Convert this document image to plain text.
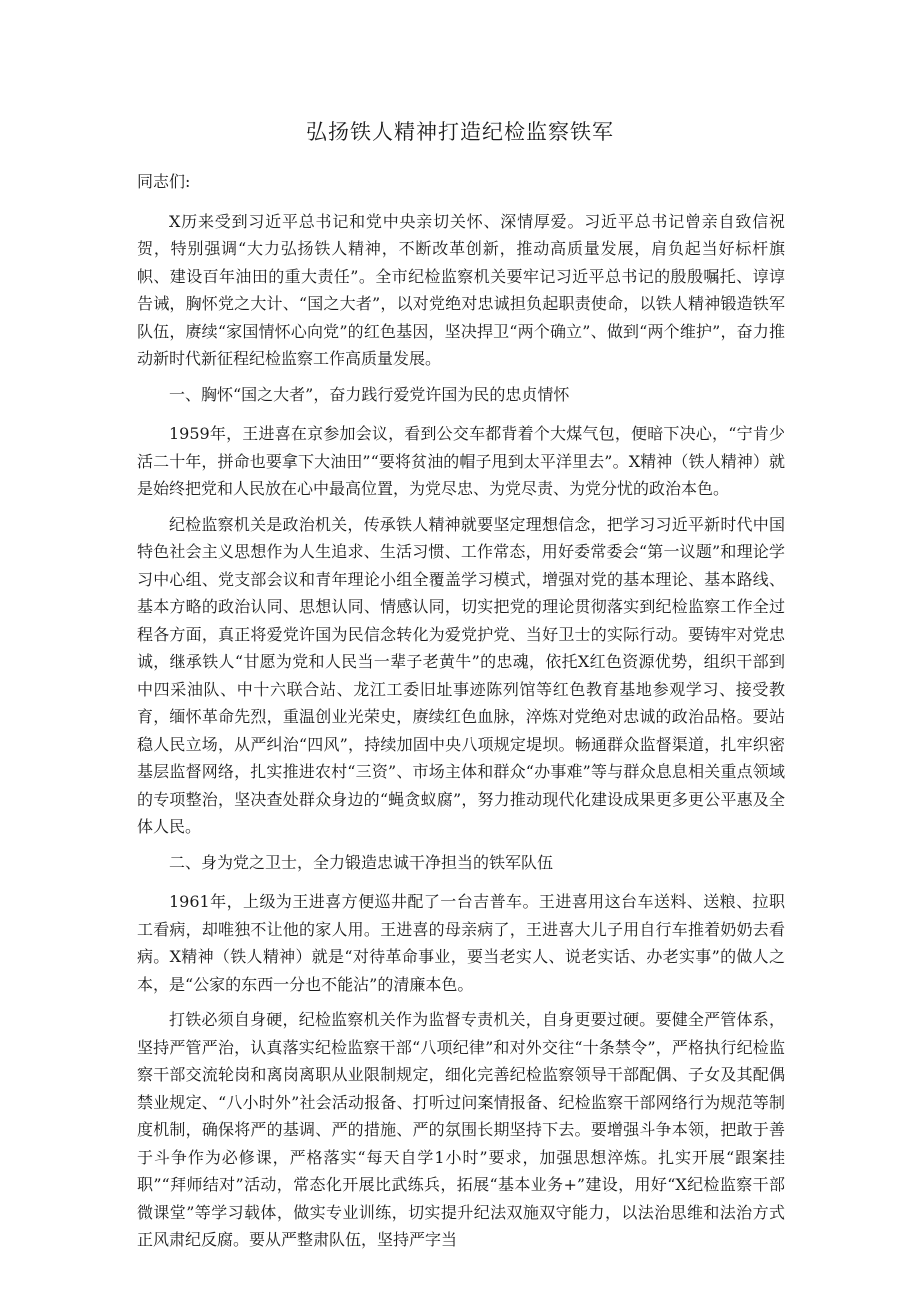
弘扬铁人精神打造纪检监察铁军

同志们:

X历来受到习近平总书记和党中央亲切关怀、深情厚爱。习近平总书记曾亲自致信祝贺，特别强调“大力弘扬铁人精神，不断改革创新，推动高质量发展，肩负起当好标杆旗帜、建设百年油田的重大责任”。全市纪检监察机关要牢记习近平总书记的殷殷嘱托、谆谆告诫，胸怀党之大计、“国之大者”，以对党绝对忠诚担负起职责使命，以铁人精神锻造铁军队伍，赓续“家国情怀心向党”的红色基因，坚决捍卫“两个确立”、做到“两个维护”，奋力推动新时代新征程纪检监察工作高质量发展。

一、胸怀“国之大者”，奋力践行爱党许国为民的忠贞情怀

1959年，王进喜在京参加会议，看到公交车都背着个大煤气包，便暗下决心，“宁肯少活二十年，拼命也要拿下大油田”“要将贫油的帽子甩到太平洋里去”。X精神（铁人精神）就是始终把党和人民放在心中最高位置，为党尽忠、为党尽责、为党分忧的政治本色。

纪检监察机关是政治机关，传承铁人精神就要坚定理想信念，把学习习近平新时代中国特色社会主义思想作为人生追求、生活习惯、工作常态，用好委常委会“第一议题”和理论学习中心组、党支部会议和青年理论小组全覆盖学习模式，增强对党的基本理论、基本路线、基本方略的政治认同、思想认同、情感认同，切实把党的理论贯彻落实到纪检监察工作全过程各方面，真正将爱党许国为民信念转化为爱党护党、当好卫士的实际行动。要铸牢对党忠诚，继承铁人“甘愿为党和人民当一辈子老黄牛”的忠魂，依托X红色资源优势，组织干部到中四采油队、中十六联合站、龙江工委旧址事迹陈列馆等红色教育基地参观学习、接受教育，缅怀革命先烈，重温创业光荣史，赓续红色血脉，淬炼对党绝对忠诚的政治品格。要站稳人民立场，从严纠治“四风”，持续加固中央八项规定堤坝。畅通群众监督渠道，扎牢织密基层监督网络，扎实推进农村“三资”、市场主体和群众“办事难”等与群众息息相关重点领域的专项整治，坚决查处群众身边的“蝇贪蚁腐”，努力推动现代化建设成果更多更公平惠及全体人民。

二、身为党之卫士，全力锻造忠诚干净担当的铁军队伍

1961年，上级为王进喜方便巡井配了一台吉普车。王进喜用这台车送料、送粮、拉职工看病，却唯独不让他的家人用。王进喜的母亲病了，王进喜大儿子用自行车推着奶奶去看病。X精神（铁人精神）就是“对待革命事业，要当老实人、说老实话、办老实事”的做人之本，是“公家的东西一分也不能沾”的清廉本色。

打铁必须自身硬，纪检监察机关作为监督专责机关，自身更要过硬。要健全严管体系，坚持严管严治，认真落实纪检监察干部“八项纪律”和对外交往“十条禁令”，严格执行纪检监察干部交流轮岗和离岗离职从业限制规定，细化完善纪检监察领导干部配偶、子女及其配偶禁业规定、“八小时外”社会活动报备、打听过问案情报备、纪检监察干部网络行为规范等制度机制，确保将严的基调、严的措施、严的氛围长期坚持下去。要增强斗争本领，把敢于善于斗争作为必修课，严格落实“每天自学1小时”要求，加强思想淬炼。扎实开展“跟案挂职”“拜师结对”活动，常态化开展比武练兵，拓展“基本业务+”建设，用好“X纪检监察干部微课堂”等学习载体，做实专业训练，切实提升纪法双施双守能力，以法治思维和法治方式正风肃纪反腐。要从严整肃队伍，坚持严字当
